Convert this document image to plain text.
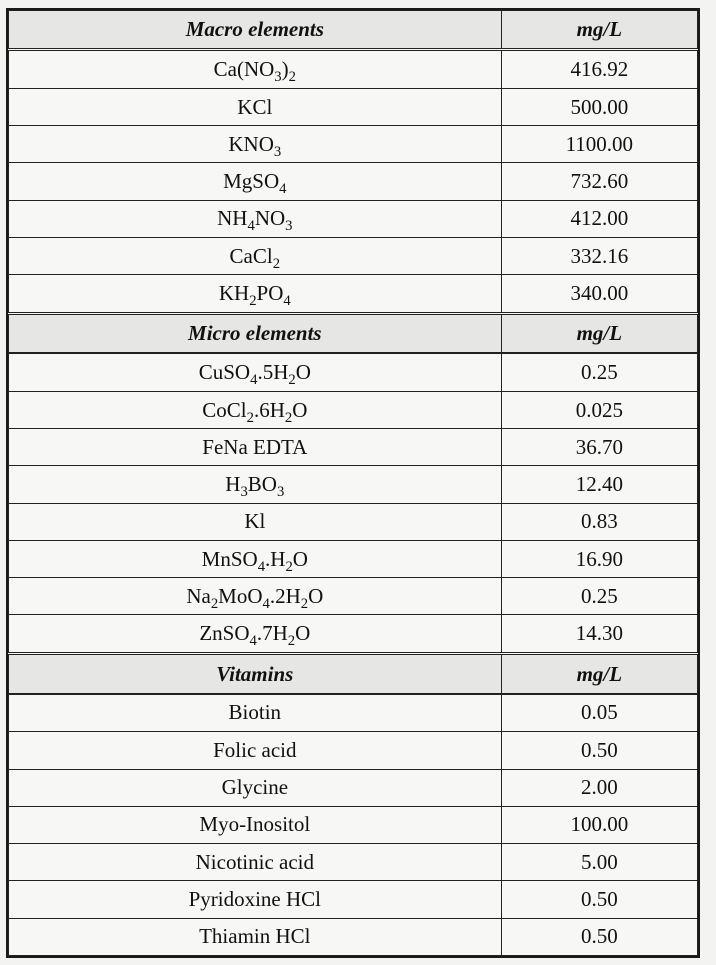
Macro elements	mg/L
$Ca(NO_3)_2$	416.92
KCl	500.00
$KNO_3$	1100.00
MgSO$_4$	732.60
$NH_4NO_3$	412.00
CaCl$_2$	332.16
$KH_2PO_4$	340.00
Micro elements	mg/L
$CuSO_4.5H_2O$	0.25
$CoCl_2.6H_2O$	0.025
FeNa EDTA	36.70
$H_3BO_3$	12.40
Kl	0.83
$MnSO_4.H_2O$	16.90
$Na_2MoO_4.2H_2O$	0.25
$ZnSO_4.7H_2O$	14.30
Vitamins	mg/L
Biotin	0.05
Folic acid	0.50
Glycine	2.00
Myo-Inositol	100.00
Nicotinic acid	5.00
Pyridoxine HCl	0.50
Thiamin HCl	0.50
